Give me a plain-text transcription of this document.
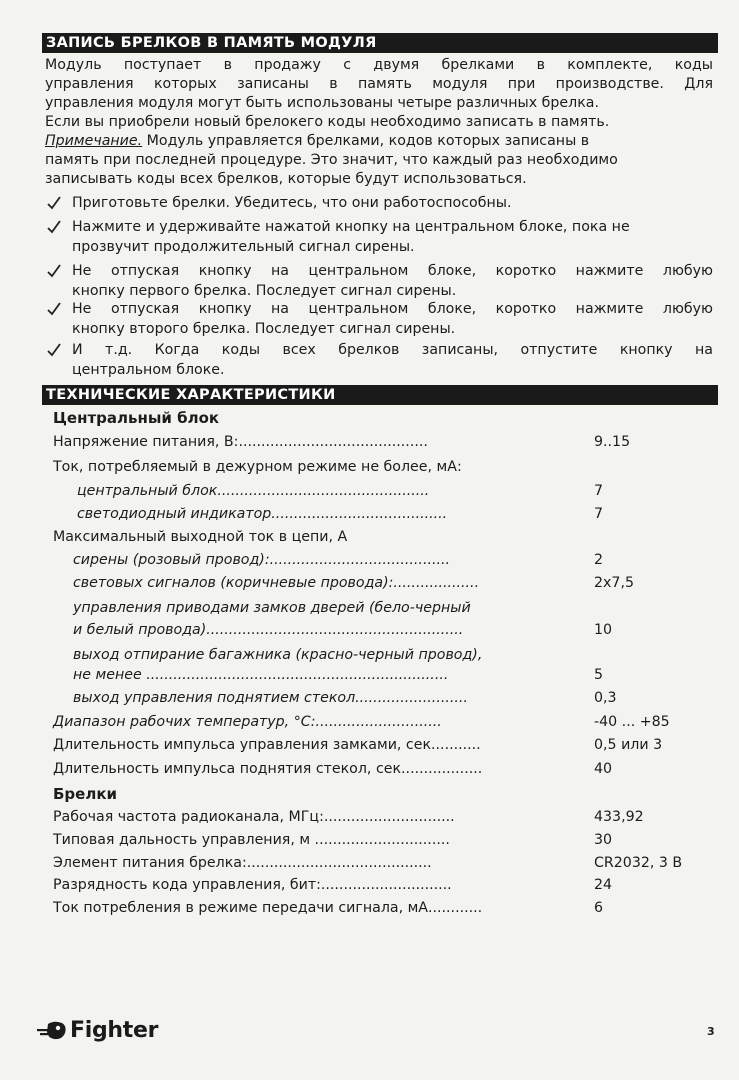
ЗАПИСЬ БРЕЛКОВ В ПАМЯТЬ МОДУЛЯ
Модуль поступает в продажу с двумя брелками в комплекте, коды
управления которых записаны в память модуля при производстве. Для
управления модуля могут быть использованы четыре различных брелка.
Если вы приобрели новый брелокего коды необходимо записать в память.
Примечание. Модуль управляется брелками, кодов которых записаны в
память при последней процедуре. Это значит, что каждый раз необходимо
записывать коды всех брелков, которые будут использоваться.
Приготовьте брелки. Убедитесь, что они работоспособны.
Нажмите и удерживайте нажатой кнопку на центральном блоке, пока не
прозвучит продолжительный сигнал сирены.
Не отпуская кнопку на центральном блоке, коротко нажмите любую
кнопку первого брелка. Последует сигнал сирены.
Не отпуская кнопку на центральном блоке, коротко нажмите любую
кнопку второго брелка. Последует сигнал сирены.
И т.д. Когда коды всех брелков записаны, отпустите кнопку на
центральном блоке.
ТЕХНИЧЕСКИЕ ХАРАКТЕРИСТИКИ
Центральный блок
Напряжение питания, В:..........................................	9..15
Ток, потребляемый в дежурном режиме не более, мА:
центральный блок...............................................	7
светодиодный индикатор.......................................	7
Максимальный выходной ток в цепи, А
сирены (розовый провод):........................................	2
световых сигналов (коричневые провода):...................	2х7,5
управления приводами замков дверей (бело-черный
и белый провода).........................................................	10
выход отпирание багажника (красно-черный провод),
не менее ...................................................................	5
выход управления поднятием стекол.........................	0,3
Диапазон рабочих температур, °С:............................	-40 ... +85
Длительность импульса управления замками, сек...........	0,5 или 3
Длительность импульса поднятия стекол, сек..................	40
Брелки
Рабочая частота радиоканала, МГц:.............................	433,92
Типовая дальность управления, м ..............................	30
Элемент питания брелка:.........................................	CR2032, 3 В
Разрядность кода управления, бит:.............................	24
Ток потребления в режиме передачи сигнала, мА............	6
Fighter	3
